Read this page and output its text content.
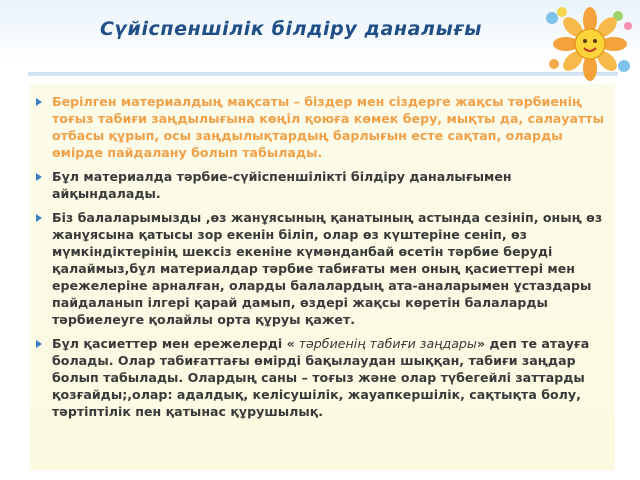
Сүйіспеншілік білдіру даналығы
Берілген материалдың мақсаты – біздер мен сіздерге жақсы тәрбиенің тоғыз табиғи заңдылығына көңіл қоюға көмек беру, мықты да, салауатты отбасы құрып, осы заңдылықтардың барлығын есте сақтап, оларды өмірде пайдалану болып табылады.
Бұл материалда тәрбие-сүйіспеншілікті білдіру даналығымен айқындалады.
Біз балаларымызды ,өз жанұясының қанатының астында сезініп, оның өз жанұясына қатысы зор екенін біліп, олар өз күштеріне сеніп, өз мүмкіндіктерінің шексіз екеніне күмәнданбай өсетін тәрбие беруді қалаймыз,бұл материалдар тәрбие табиғаты мен оның қасиеттері мен ережелеріне арналған, оларды балалардың ата-аналарымен ұстаздары пайдаланып ілгері қарай дамып, өздері жақсы көретін балаларды тәрбиелеуге қолайлы орта құруы қажет.
Бұл қасиеттер мен ережелерді « тәрбиенің табиғи заңдары» деп те атауға болады. Олар табиғаттағы өмірді бақылаудан шыққан, табиғи заңдар болып табылады. Олардың саны – тоғыз және олар түбегейлі заттарды қозғайды;,олар: адалдық, келісушілік, жауапкершілік, сақтықта болу, тәртіптілік пен қатынас құрушылық.
